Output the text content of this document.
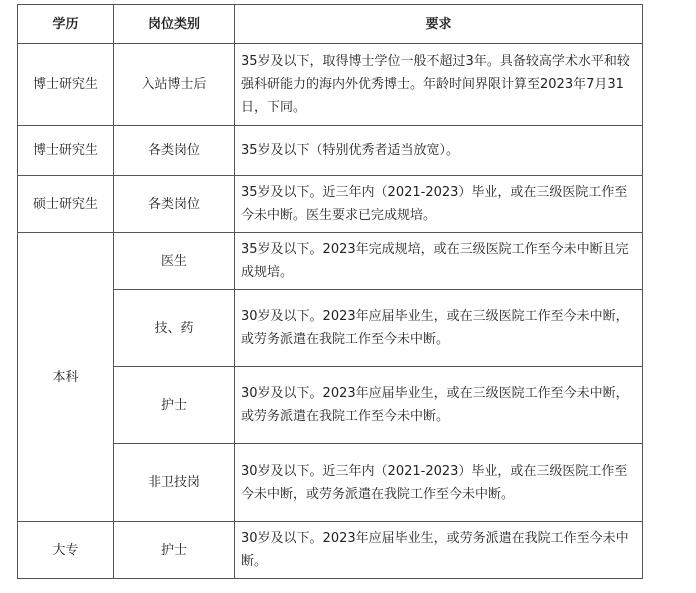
学历	岗位类别	要求
博士研究生	入站博士后	35岁及以下，取得博士学位一般不超过3年。具备较高学术水平和较强科研能力的海内外优秀博士。年龄时间界限计算至2023年7月31日，下同。
博士研究生	各类岗位	35岁及以下（特别优秀者适当放宽）。
硕士研究生	各类岗位	35岁及以下。近三年内（2021-2023）毕业，或在三级医院工作至今未中断。医生要求已完成规培。
本科	医生	35岁及以下。2023年完成规培，或在三级医院工作至今未中断且完成规培。
	技、药	30岁及以下。2023年应届毕业生，或在三级医院工作至今未中断，或劳务派遣在我院工作至今未中断。
	护士	30岁及以下。2023年应届毕业生，或在三级医院工作至今未中断，或劳务派遣在我院工作至今未中断。
	非卫技岗	30岁及以下。近三年内（2021-2023）毕业，或在三级医院工作至今未中断，或劳务派遣在我院工作至今未中断。
大专	护士	30岁及以下。2023年应届毕业生，或劳务派遣在我院工作至今未中断。
